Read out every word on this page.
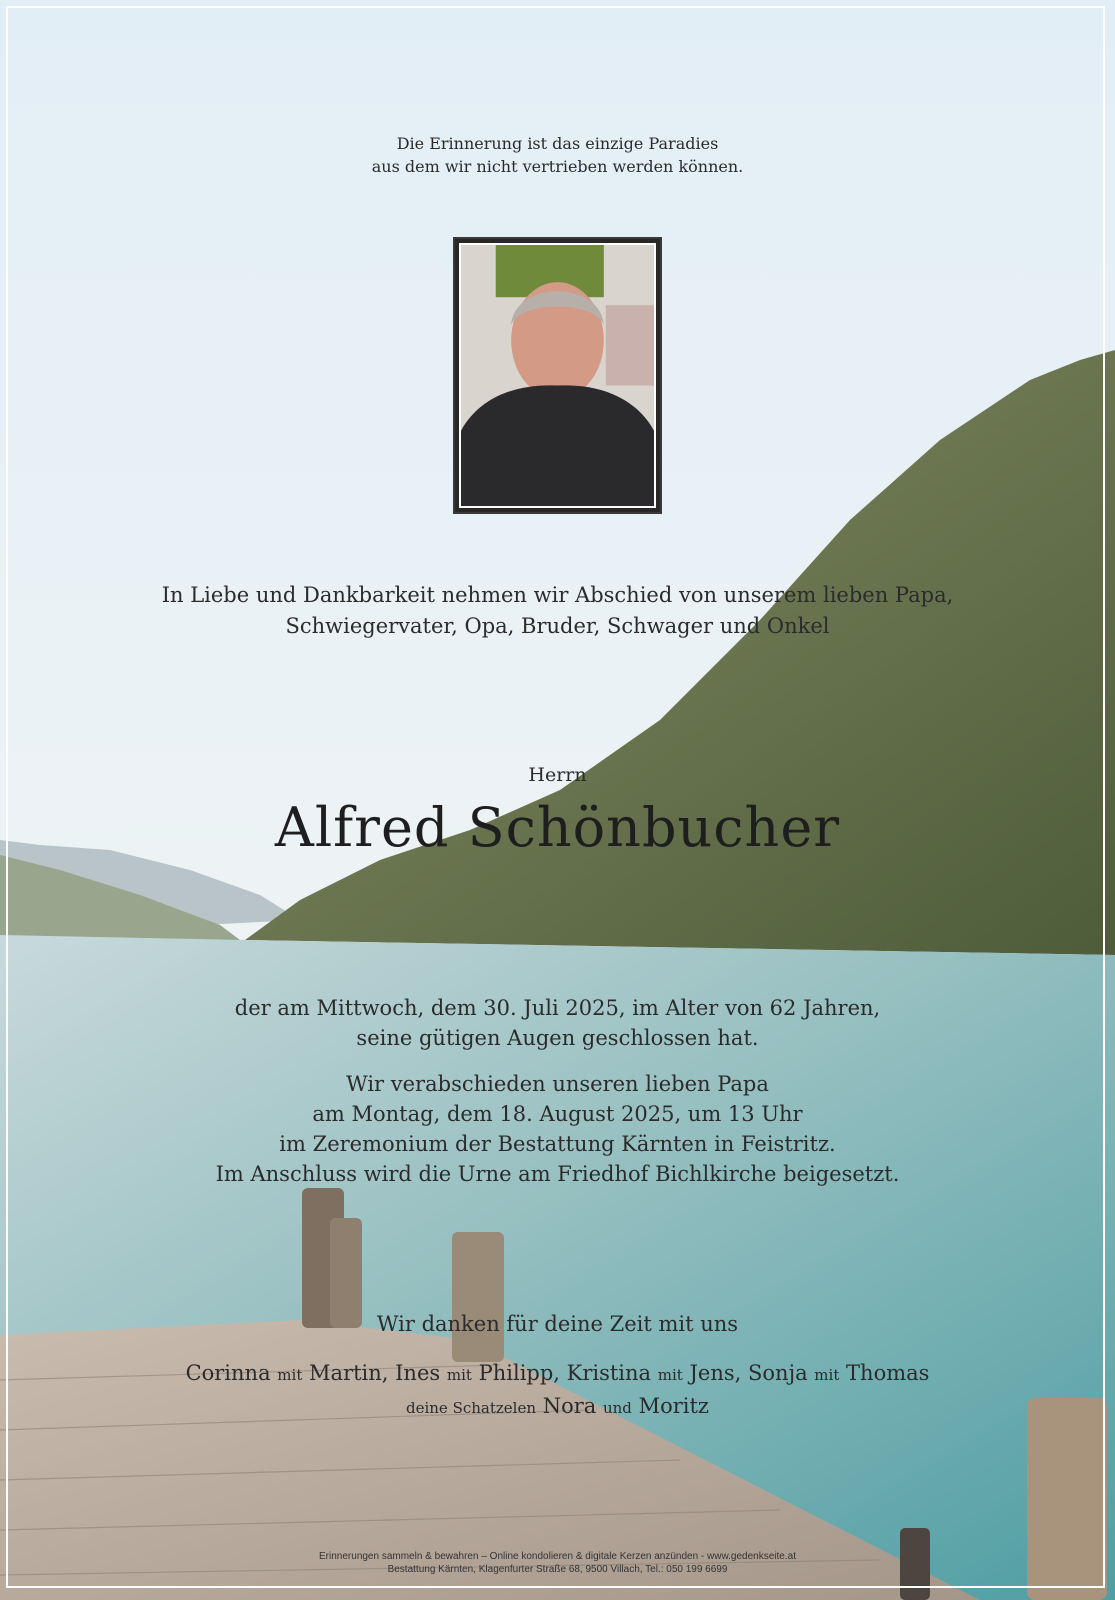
Die Erinnerung ist das einzige Paradies
aus dem wir nicht vertrieben werden können.
In Liebe und Dankbarkeit nehmen wir Abschied von unserem lieben Papa,
Schwiegervater, Opa, Bruder, Schwager und Onkel
Herrn
Alfred Schönbucher
der am Mittwoch, dem 30. Juli 2025, im Alter von 62 Jahren,
seine gütigen Augen geschlossen hat.
Wir verabschieden unseren lieben Papa
am Montag, dem 18. August 2025, um 13 Uhr
im Zeremonium der Bestattung Kärnten in Feistritz.
Im Anschluss wird die Urne am Friedhof Bichlkirche beigesetzt.
Wir danken für deine Zeit mit uns
Corinna mit Martin, Ines mit Philipp, Kristina mit Jens, Sonja mit Thomas
deine Schatzelen Nora und Moritz
Erinnerungen sammeln & bewahren – Online kondolieren & digitale Kerzen anzünden - www.gedenkseite.at
Bestattung Kärnten, Klagenfurter Straße 68, 9500 Villach, Tel.: 050 199 6699
